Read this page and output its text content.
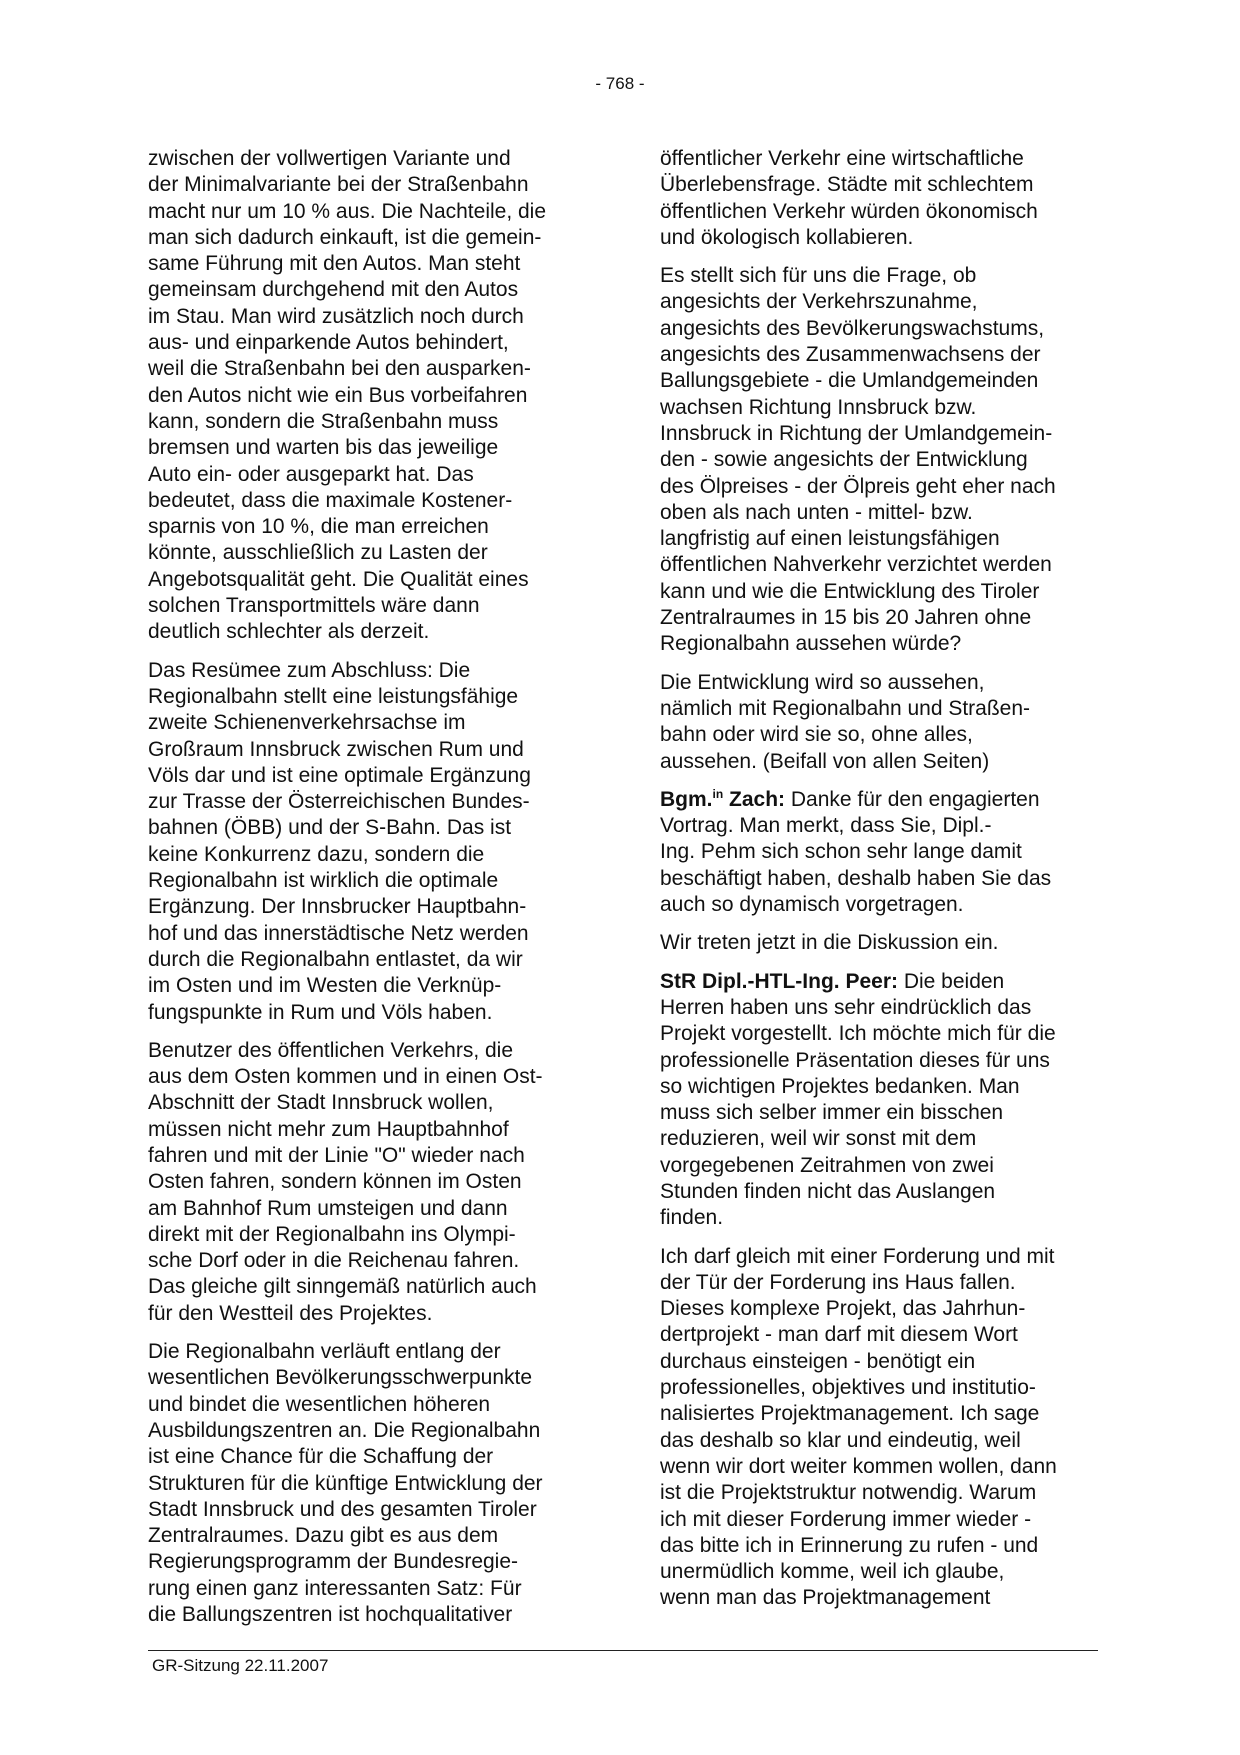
- 768 -

zwischen der vollwertigen Variante und
der Minimalvariante bei der Straßenbahn
macht nur um 10 % aus. Die Nachteile, die
man sich dadurch einkauft, ist die gemein-
same Führung mit den Autos. Man steht
gemeinsam durchgehend mit den Autos
im Stau. Man wird zusätzlich noch durch
aus- und einparkende Autos behindert,
weil die Straßenbahn bei den ausparken-
den Autos nicht wie ein Bus vorbeifahren
kann, sondern die Straßenbahn muss
bremsen und warten bis das jeweilige
Auto ein- oder ausgeparkt hat. Das
bedeutet, dass die maximale Kostener-
sparnis von 10 %, die man erreichen
könnte, ausschließlich zu Lasten der
Angebotsqualität geht. Die Qualität eines
solchen Transportmittels wäre dann
deutlich schlechter als derzeit.

Das Resümee zum Abschluss: Die
Regionalbahn stellt eine leistungsfähige
zweite Schienenverkehrsachse im
Großraum Innsbruck zwischen Rum und
Völs dar und ist eine optimale Ergänzung
zur Trasse der Österreichischen Bundes-
bahnen (ÖBB) und der S-Bahn. Das ist
keine Konkurrenz dazu, sondern die
Regionalbahn ist wirklich die optimale
Ergänzung. Der Innsbrucker Hauptbahn-
hof und das innerstädtische Netz werden
durch die Regionalbahn entlastet, da wir
im Osten und im Westen die Verknüp-
fungspunkte in Rum und Völs haben.

Benutzer des öffentlichen Verkehrs, die
aus dem Osten kommen und in einen Ost-
Abschnitt der Stadt Innsbruck wollen,
müssen nicht mehr zum Hauptbahnhof
fahren und mit der Linie "O" wieder nach
Osten fahren, sondern können im Osten
am Bahnhof Rum umsteigen und dann
direkt mit der Regionalbahn ins Olympi-
sche Dorf oder in die Reichenau fahren.
Das gleiche gilt sinngemäß natürlich auch
für den Westteil des Projektes.

Die Regionalbahn verläuft entlang der
wesentlichen Bevölkerungsschwerpunkte
und bindet die wesentlichen höheren
Ausbildungszentren an. Die Regionalbahn
ist eine Chance für die Schaffung der
Strukturen für die künftige Entwicklung der
Stadt Innsbruck und des gesamten Tiroler
Zentralraumes. Dazu gibt es aus dem
Regierungsprogramm der Bundesregie-
rung einen ganz interessanten Satz: Für
die Ballungszentren ist hochqualitativer

öffentlicher Verkehr eine wirtschaftliche
Überlebensfrage. Städte mit schlechtem
öffentlichen Verkehr würden ökonomisch
und ökologisch kollabieren.

Es stellt sich für uns die Frage, ob
angesichts der Verkehrszunahme,
angesichts des Bevölkerungswachstums,
angesichts des Zusammenwachsens der
Ballungsgebiete - die Umlandgemeinden
wachsen Richtung Innsbruck bzw.
Innsbruck in Richtung der Umlandgemein-
den - sowie angesichts der Entwicklung
des Ölpreises - der Ölpreis geht eher nach
oben als nach unten - mittel- bzw.
langfristig auf einen leistungsfähigen
öffentlichen Nahverkehr verzichtet werden
kann und wie die Entwicklung des Tiroler
Zentralraumes in 15 bis 20 Jahren ohne
Regionalbahn aussehen würde?

Die Entwicklung wird so aussehen,
nämlich mit Regionalbahn und Straßen-
bahn oder wird sie so, ohne alles,
aussehen. (Beifall von allen Seiten)

Bgm.$^{in}$ Zach: Danke für den engagierten
Vortrag. Man merkt, dass Sie, Dipl.-
Ing. Pehm sich schon sehr lange damit
beschäftigt haben, deshalb haben Sie das
auch so dynamisch vorgetragen.

Wir treten jetzt in die Diskussion ein.

StR Dipl.-HTL-Ing. Peer: Die beiden
Herren haben uns sehr eindrücklich das
Projekt vorgestellt. Ich möchte mich für die
professionelle Präsentation dieses für uns
so wichtigen Projektes bedanken. Man
muss sich selber immer ein bisschen
reduzieren, weil wir sonst mit dem
vorgegebenen Zeitrahmen von zwei
Stunden finden nicht das Auslangen
finden.

Ich darf gleich mit einer Forderung und mit
der Tür der Forderung ins Haus fallen.
Dieses komplexe Projekt, das Jahrhun-
dertprojekt - man darf mit diesem Wort
durchaus einsteigen - benötigt ein
professionelles, objektives und institutio-
nalisiertes Projektmanagement. Ich sage
das deshalb so klar und eindeutig, weil
wenn wir dort weiter kommen wollen, dann
ist die Projektstruktur notwendig. Warum
ich mit dieser Forderung immer wieder -
das bitte ich in Erinnerung zu rufen - und
unermüdlich komme, weil ich glaube,
wenn man das Projektmanagement

GR-Sitzung 22.11.2007
